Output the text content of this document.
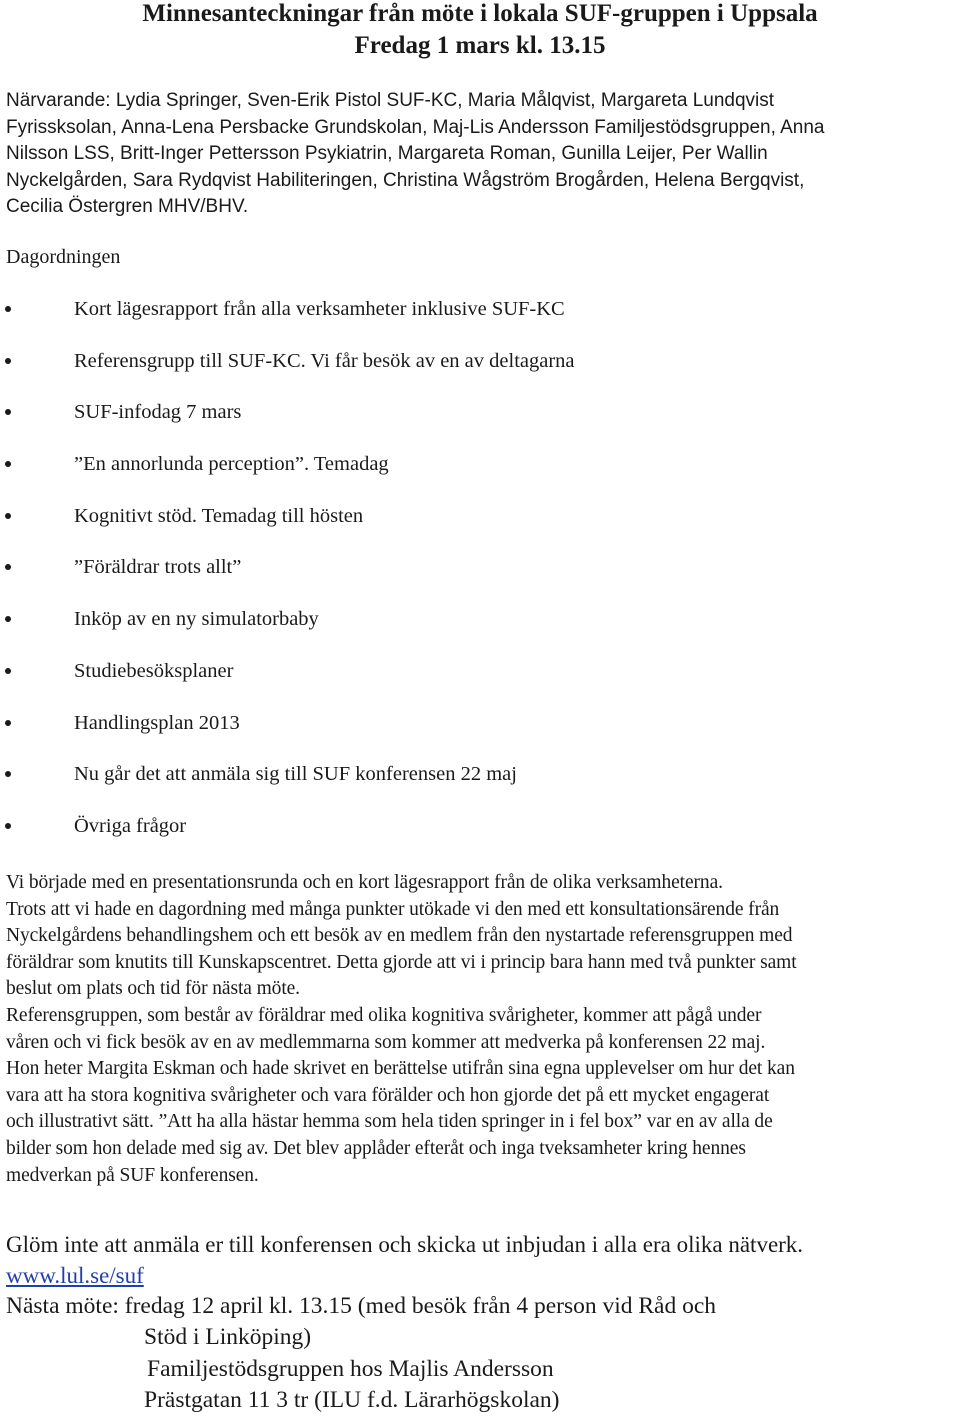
Minnesanteckningar från möte i lokala SUF-gruppen i Uppsala
Fredag 1 mars kl. 13.15
Närvarande: Lydia Springer, Sven-Erik Pistol SUF-KC, Maria Målqvist, Margareta Lundqvist
Fyrissksolan, Anna-Lena Persbacke Grundskolan, Maj-Lis Andersson Familjestödsgruppen, Anna
Nilsson LSS, Britt-Inger Pettersson Psykiatrin, Margareta Roman, Gunilla Leijer, Per Wallin
Nyckelgården, Sara Rydqvist Habiliteringen, Christina Wågström Brogården, Helena Bergqvist,
Cecilia Östergren MHV/BHV.
Dagordningen
Kort lägesrapport från alla verksamheter inklusive SUF-KC
Referensgrupp till SUF-KC. Vi får besök av en av deltagarna
SUF-infodag 7 mars
”En annorlunda perception”. Temadag
Kognitivt stöd. Temadag till hösten
”Föräldrar trots allt”
Inköp av en ny simulatorbaby
Studiebesöksplaner
Handlingsplan 2013
Nu går det att anmäla sig till SUF konferensen 22 maj
Övriga frågor
Vi började med en presentationsrunda och en kort lägesrapport från de olika verksamheterna.
Trots att vi hade en dagordning med många punkter utökade vi den med ett konsultationsärende från
Nyckelgårdens behandlingshem och ett besök av en medlem från den nystartade referensgruppen med
föräldrar som knutits till Kunskapscentret. Detta gjorde att vi i princip bara hann med två punkter samt
beslut om plats och tid för nästa möte.
Referensgruppen, som består av föräldrar med olika kognitiva svårigheter, kommer att pågå under
våren och vi fick besök av en av medlemmarna som kommer att medverka på konferensen 22 maj.
Hon heter Margita Eskman och hade skrivet en berättelse utifrån sina egna upplevelser om hur det kan
vara att ha stora kognitiva svårigheter och vara förälder och hon gjorde det på ett mycket engagerat
och illustrativt sätt. ”Att ha alla hästar hemma som hela tiden springer in i fel box” var en av alla de
bilder som hon delade med sig av. Det blev applåder efteråt och inga tveksamheter kring hennes
medverkan på SUF konferensen.
Glöm inte att anmäla er till konferensen och skicka ut inbjudan i alla era olika nätverk.
www.lul.se/suf
Nästa möte: fredag 12 april kl. 13.15 (med besök från 4 person vid Råd och
Stöd i Linköping)
Familjestödsgruppen hos Majlis Andersson
Prästgatan 11 3 tr (ILU f.d. Lärarhögskolan)
